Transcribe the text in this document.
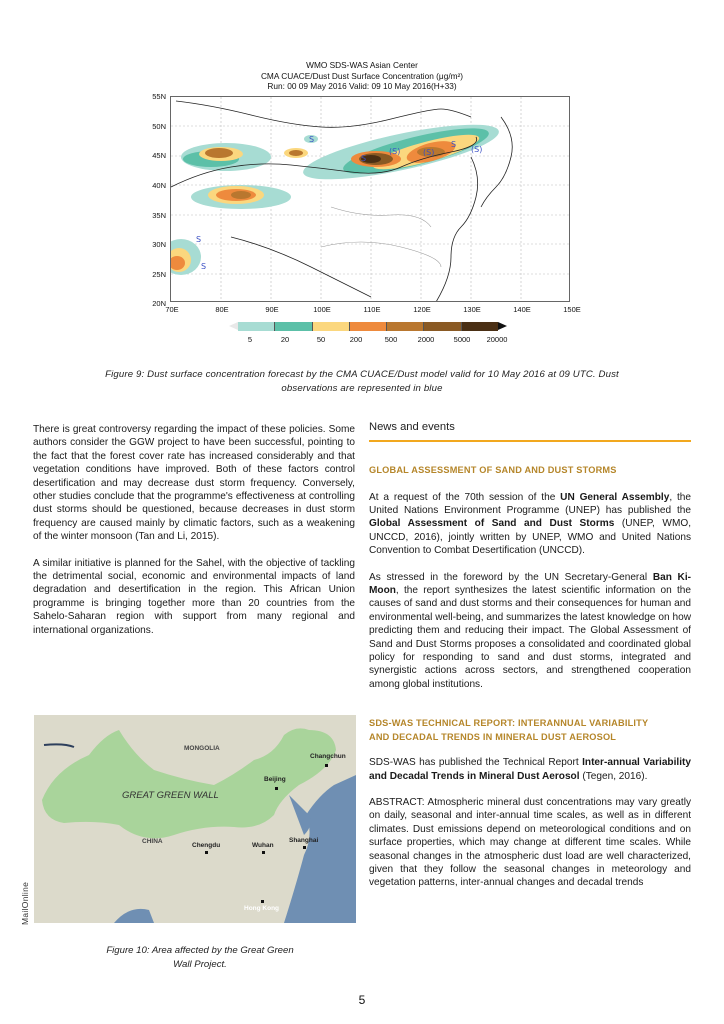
WMO SDS-WAS Asian Center
CMA CUACE/Dust Dust Surface Concentration (μg/m²)
Run: 00 09 May 2016 Valid: 09 10 May 2016(H+33)
55N
50N
45N
40N
35N
30N
25N
20N
(S)
S
(S)
S
(S)
S
S
S
70E	80E	90E	100E	110E	120E	130E	140E	150E
5	20	50	200	500	2000	5000	20000
Figure 9: Dust surface concentration forecast by the CMA CUACE/Dust model valid for 10 May 2016 at 09 UTC. Dust
observations are represented in blue

There is great controversy regarding the impact of these policies. Some authors consider the GGW project to have been successful, pointing to the fact that the forest cover rate has increased considerably and that vegetation conditions have improved. Both of these factors control desertification and may decrease dust storm frequency. Conversely, other studies conclude that the programme's effectiveness at controlling dust storms should be questioned, because decreases in dust storm frequency are caused mainly by climatic factors, such as a weakening of the winter monsoon (Tan and Li, 2015).

A similar initiative is planned for the Sahel, with the objective of tackling the detrimental social, economic and environmental impacts of land degradation and desertification in the region. This African Union programme is bringing together more than 20 countries from the Sahelo-Saharan region with support from many regional and international organizations.

MONGOLIA
GREAT GREEN WALL
CHINA
Changchun
Beijing
Shanghai
Chengdu	Wuhan
Hong Kong
MailOnline
Figure 10: Area affected by the Great Green
Wall Project.
News and events
GLOBAL ASSESSMENT OF SAND AND DUST STORMS

At a request of the 70th session of the UN General Assembly, the United Nations Environment Programme (UNEP) has published the Global Assessment of Sand and Dust Storms (UNEP, WMO, UNCCD, 2016), jointly written by UNEP, WMO and United Nations Convention to Combat Desertification (UNCCD).

As stressed in the foreword by the UN Secretary-General Ban Ki-Moon, the report synthesizes the latest scientific information on the causes of sand and dust storms and their consequences for human and environmental well-being, and summarizes the latest knowledge on how predicting them and reducing their impact. The Global Assessment of Sand and Dust Storms proposes a consolidated and coordinated global policy for responding to sand and dust storms, integrated and synergistic actions across sectors, and strengthened cooperation among global institutions.

SDS-WAS TECHNICAL REPORT: INTERANNUAL VARIABILITY
AND DECADAL TRENDS IN MINERAL DUST AEROSOL

SDS-WAS has published the Technical Report Inter-annual Variability and Decadal Trends in Mineral Dust Aerosol (Tegen, 2016).

ABSTRACT: Atmospheric mineral dust concentrations may vary greatly on daily, seasonal and inter-annual time scales, as well as in different climates. Dust emissions depend on meteorological conditions and on surface properties, which may change at different time scales. While seasonal changes in the atmospheric dust load are well characterized, given that they follow the seasonal changes in meteorology and vegetation patterns, inter-annual changes and decadal trends

5
